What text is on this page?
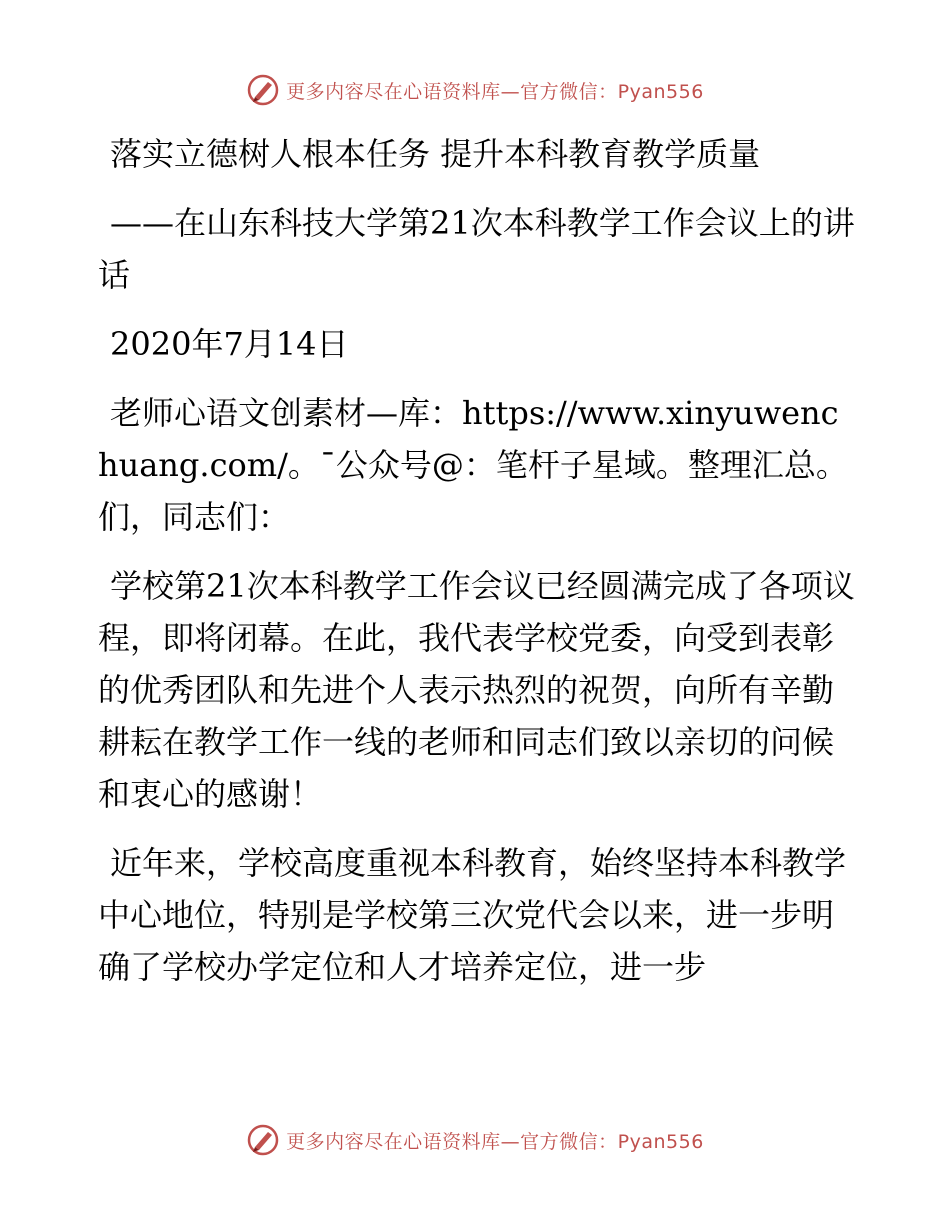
更多内容尽在心语资料库—官方微信：Pyan556

落实立德树人根本任务 提升本科教育教学质量

——在山东科技大学第21次本科教学工作会议上的讲话

2020年7月14日

老师心语文创素材—库：https://www.xinyuwenchuang.com/。¯公众号@：笔杆子星域。整理汇总。们，同志们：

学校第21次本科教学工作会议已经圆满完成了各项议程，即将闭幕。在此，我代表学校党委，向受到表彰的优秀团队和先进个人表示热烈的祝贺，向所有辛勤耕耘在教学工作一线的老师和同志们致以亲切的问候和衷心的感谢！

近年来，学校高度重视本科教育，始终坚持本科教学中心地位，特别是学校第三次党代会以来，进一步明确了学校办学定位和人才培养定位，进一步

更多内容尽在心语资料库—官方微信：Pyan556
